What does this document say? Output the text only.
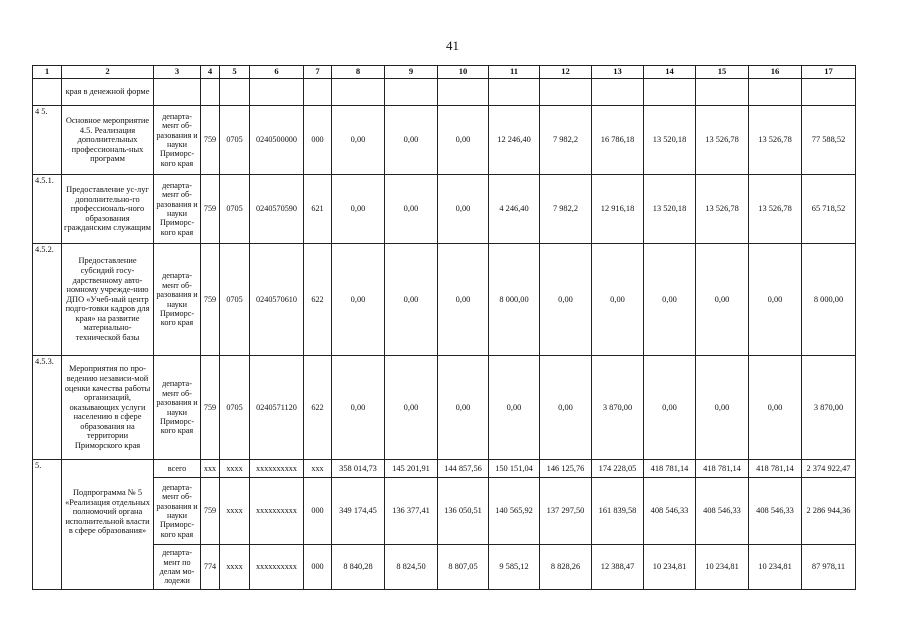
41
1	2	3	4	5	6	7	8	9	10	11	12	13	14	15	16	17
	края в денежной форме															
4 5.	Основное мероприятие 4.5. Реализация дополнительных профессиональ-ных программ	департа-мент об-разования и науки Приморс-кого края	759	0705	0240500000	000	0,00	0,00	0,00	12 246,40	7 982,2	16 786,18	13 520,18	13 526,78	13 526,78	77 588,52
4.5.1.	Предоставление ус-луг дополнительно-го профессиональ-ного образования гражданским служащим	департа-мент об-разования и науки Приморс-кого края	759	0705	0240570590	621	0,00	0,00	0,00	4 246,40	7 982,2	12 916,18	13 520,18	13 526,78	13 526,78	65 718,52
4.5.2.	Предоставление субсидий госу-дарственному авто-номному учрежде-нию ДПО «Учеб-ный центр подго-товки кадров для края» на развитие материально-технической базы	департа-мент об-разования и науки Приморс-кого края	759	0705	0240570610	622	0,00	0,00	0,00	8 000,00	0,00	0,00	0,00	0,00	0,00	8 000,00
4.5.3.	Мероприятия по про-ведению независи-мой оценки качества работы организаций, оказывающих услуги населению в сфере образования на территории Приморского края	департа-мент об-разования и науки Приморс-кого края	759	0705	0240571120	622	0,00	0,00	0,00	0,00	0,00	3 870,00	0,00	0,00	0,00	3 870,00
5.	Подпрограмма № 5 «Реализация отдельных полномочий органа исполнительной власти в сфере образования»	всего	ххх	хххх	хххххххххх	ххх	358 014,73	145 201,91	144 857,56	150 151,04	146 125,76	174 228,05	418 781,14	418 781,14	418 781,14	2 374 922,47
		департа-мент об-разования и науки Приморс-кого края	759	хххх	хххххххххх	000	349 174,45	136 377,41	136 050,51	140 565,92	137 297,50	161 839,58	408 546,33	408 546,33	408 546,33	2 286 944,36
		департа-мент по делам мо-лодежи	774	хххх	хххххххххх	000	8 840,28	8 824,50	8 807,05	9 585,12	8 828,26	12 388,47	10 234,81	10 234,81	10 234,81	87 978,11
